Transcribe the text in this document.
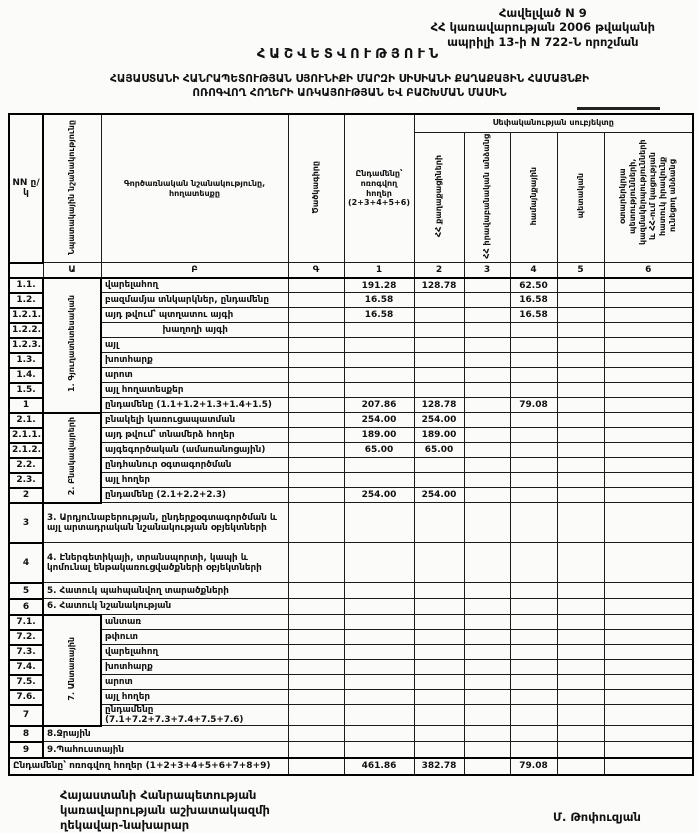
Հավելված N 9
ՀՀ կառավարության 2006 թվականի
ապրիլի 13-ի N 722-Ն որոշման
ՀԱՇՎԵՏՎՈՒԹՅՈՒՆ
ՀԱՅԱՍՏԱՆԻ ՀԱՆՐԱՊԵՏՈՒԹՅԱՆ ՍՅՈՒՆԻՔԻ ՄԱՐԶԻ ՍԻՍԻԱՆԻ ՔԱՂԱՔԱՅԻՆ ՀԱՄԱՅՆՔԻ
ՈՌՈԳՎՈՂ ՀՈՂԵՐԻ ԱՌԿԱՅՈՒԹՅԱՆ ԵՎ ԲԱՇԽՄԱՆ ՄԱՍԻՆ
NN ը/կ	Նպատակային նշանակությունը	Գործառնական նշանակությունը, հողատեսքը	Ծածկագիրը	Ընդամենը՝ ոռոգվող հողեր (2+3+4+5+6)	Սեփականության սուբյեկտը				
					ՀՀ քաղաքացիների	ՀՀ իրավաբանական անձանց	համայնքային	պետական	օտարերկրյա պետությունների, կազմակերպությունների և ՀՀ-ում կացության հատուկ իրավունք ունեցող անձանց
	Ա	Բ	Գ	1	2	3	4	5	6
1.1.	1. Գյուղատնտեսական	վարելահող		191.28	128.78		62.50		
1.2.		բազմամյա տնկարկներ, ընդամենը		16.58			16.58		
1.2.1.		այդ թվում՝ պտղատու այգի		16.58			16.58		
1.2.2.		խաղողի այգի							
1.2.3.		այլ							
1.3.		խոտհարք							
1.4.		արոտ							
1.5.		այլ հողատեսքեր							
1		ընդամենը (1.1+1.2+1.3+1.4+1.5)		207.86	128.78		79.08		
2.1.	2. Բնակավայրերի	բնակելի կառուցապատման		254.00	254.00				
2.1.1.		այդ թվում՝ տնամերձ հողեր		189.00	189.00				
2.1.2.		այգեգործական (ամառանոցային)		65.00	65.00				
2.2.		ընդհանուր օգտագործման							
2.3.		այլ հողեր							
2		ընդամենը (2.1+2.2+2.3)		254.00	254.00				
3	3. Արդյունաբերության, ընդերքօգտագործման և այլ արտադրական նշանակության օբյեկտների								
4	4. Էներգետիկայի, տրանսպորտի, կապի և կոմունալ ենթակառուցվածքների օբյեկտների								
5	5. Հատուկ պահպանվող տարածքների								
6	6. Հատուկ նշանակության								
7.1.	7. Անտառային	անտառ							
7.2.		թփուտ							
7.3.		վարելահող							
7.4.		խոտհարք							
7.5.		արոտ							
7.6.		այլ հողեր							
7		ընդամենը (7.1+7.2+7.3+7.4+7.5+7.6)							
8	8.Ջրային								
9	9.Պահուստային								
Ընդամենը՝ ոռոգվող հողեր (1+2+3+4+5+6+7+8+9)				461.86	382.78		79.08		
Հայաստանի Հանրապետության
կառավարության աշխատակազմի
ղեկավար-նախարար
Մ. Թոփուզյան
